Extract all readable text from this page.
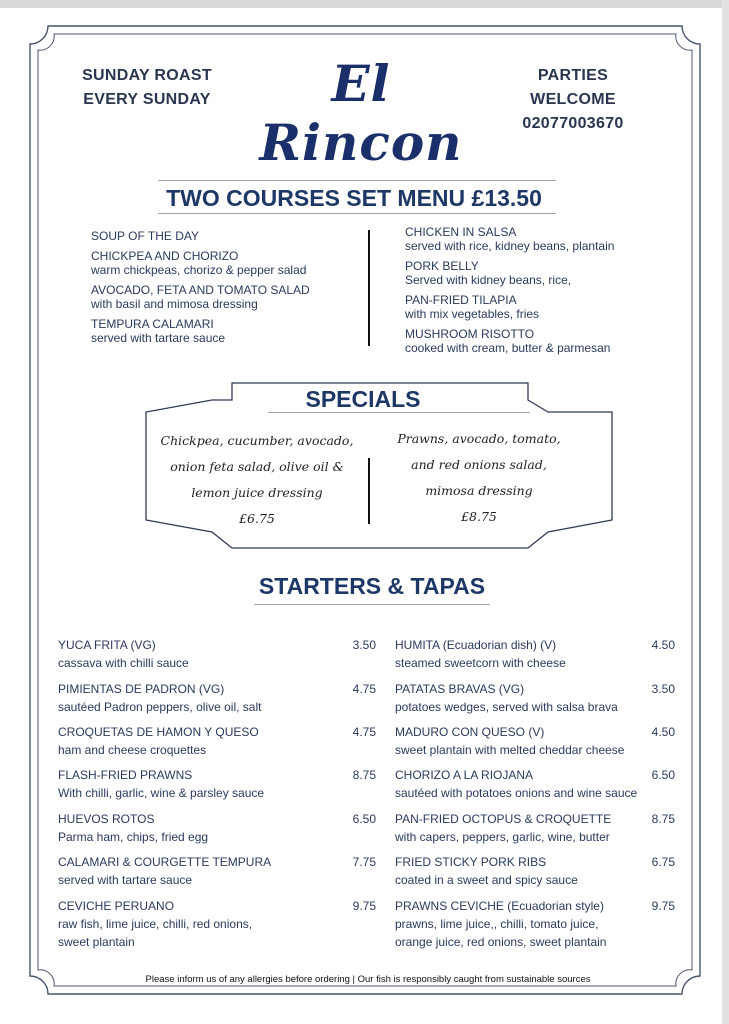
SUNDAY ROAST
EVERY SUNDAY	El Rincon
PARTIES
WELCOME
02077003670
TWO COURSES SET MENU £13.50
SOUP OF THE DAY
CHICKPEA AND CHORIZO
warm chickpeas, chorizo & pepper salad
AVOCADO, FETA AND TOMATO SALAD
with basil and mimosa dressing
TEMPURA CALAMARI
served with tartare sauce
CHICKEN IN SALSA
served with rice, kidney beans, plantain
PORK BELLY
Served with kidney beans, rice,
PAN-FRIED TILAPIA
with mix vegetables, fries
MUSHROOM RISOTTO
cooked with cream, butter & parmesan
SPECIALS
Chickpea, cucumber, avocado,
onion feta salad, olive oil &
lemon juice dressing
£6.75
Prawns, avocado, tomato,
and red onions salad,
mimosa dressing
£8.75
STARTERS & TAPAS
YUCA FRITA (VG)
cassava with chilli sauce
3.50
PIMIENTAS DE PADRON (VG)
sautéed Padron peppers, olive oil, salt
4.75
CROQUETAS DE HAMON Y QUESO
ham and cheese croquettes
4.75
FLASH-FRIED PRAWNS
With chilli, garlic, wine & parsley sauce
8.75
HUEVOS ROTOS
Parma ham, chips, fried egg
6.50
CALAMARI & COURGETTE TEMPURA
served with tartare sauce
7.75
CEVICHE PERUANO
raw fish, lime juice, chilli, red onions, sweet plantain
9.75
HUMITA (Ecuadorian dish) (V)
steamed sweetcorn with cheese
4.50
PATATAS BRAVAS (VG)
potatoes wedges, served with salsa brava
3.50
MADURO CON QUESO (V)
sweet plantain with melted cheddar cheese
4.50
CHORIZO A LA RIOJANA
sautéed with potatoes onions and wine sauce
6.50
PAN-FRIED OCTOPUS & CROQUETTE
with capers, peppers, garlic, wine, butter
8.75
FRIED STICKY PORK RIBS
coated in a sweet and spicy sauce
6.75
PRAWNS CEVICHE (Ecuadorian style)
prawns, lime juice,, chilli, tomato juice, orange juice, red onions, sweet plantain
9.75
Please inform us of any allergies before ordering | Our fish is responsibly caught from sustainable sources
